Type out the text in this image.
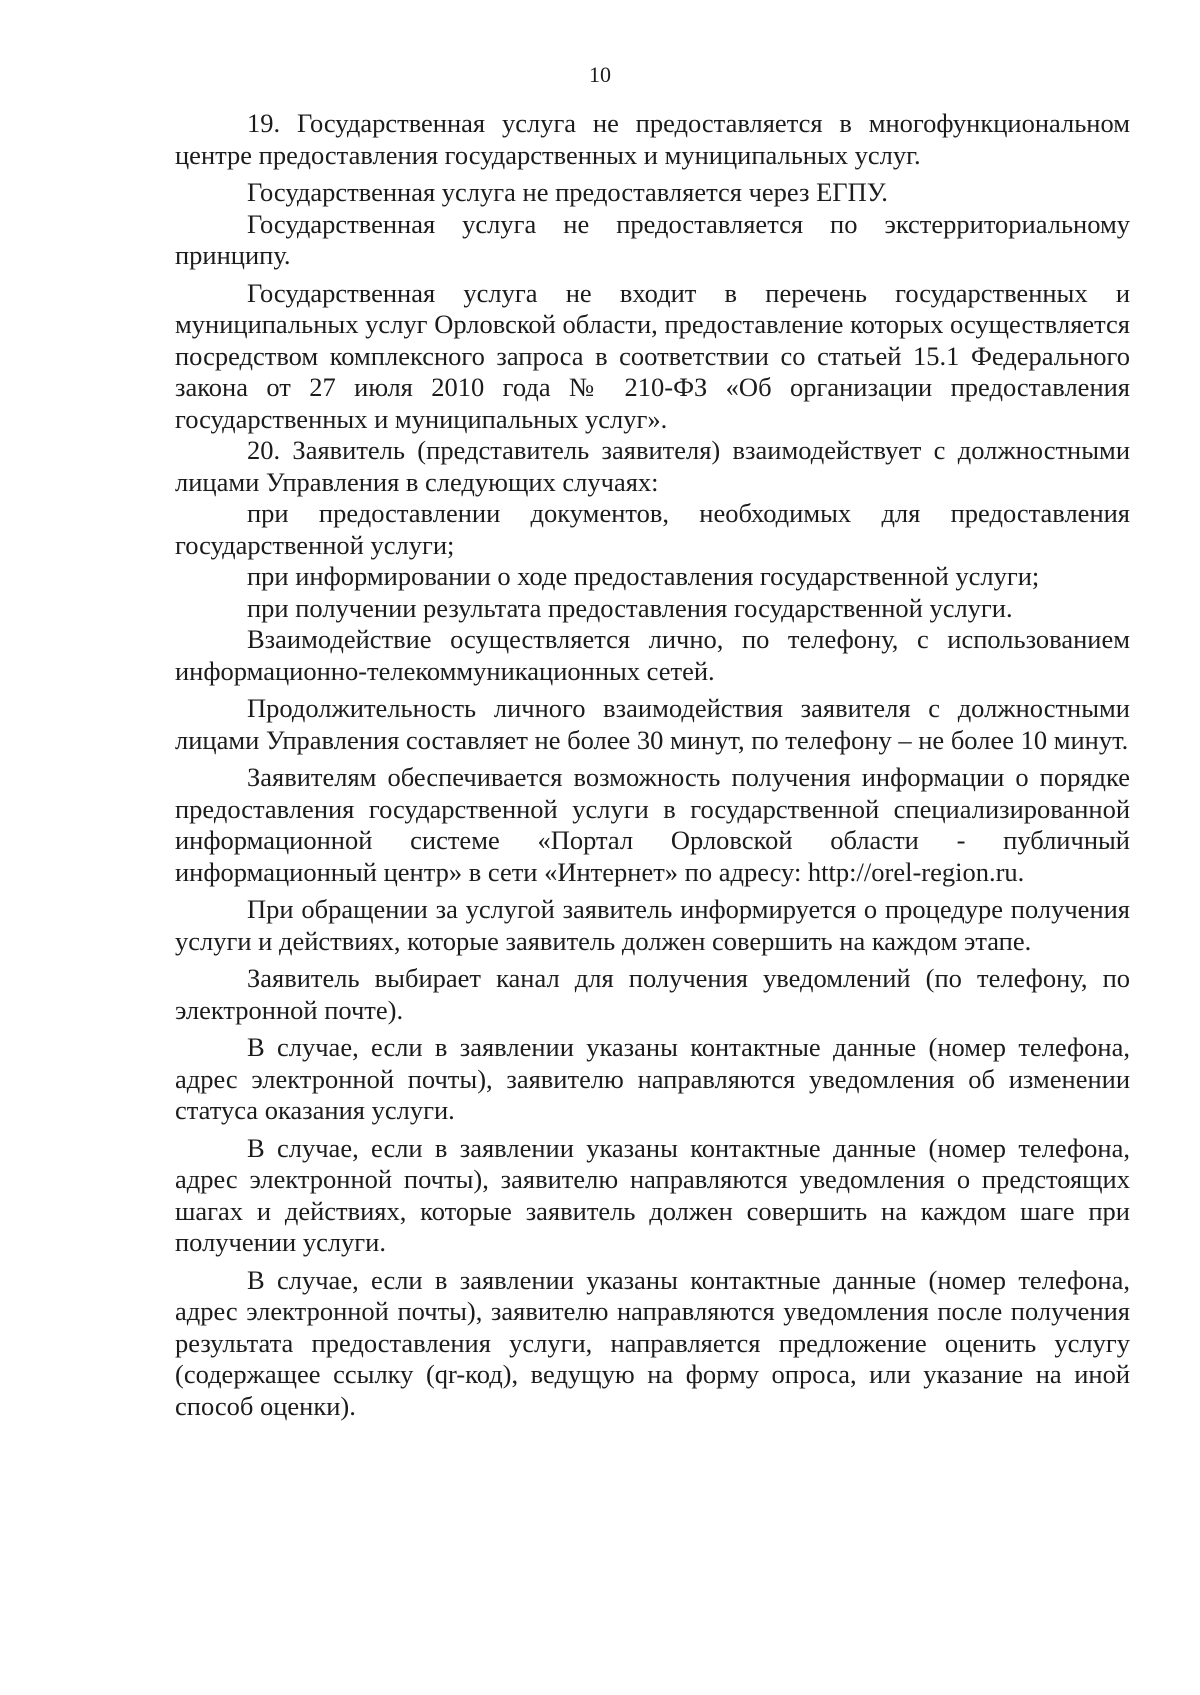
10

19. Государственная услуга не предоставляется в многофункциональном центре предоставления государственных и муниципальных услуг.

Государственная услуга не предоставляется через ЕГПУ.

Государственная услуга не предоставляется по экстерриториальному принципу.

Государственная услуга не входит в перечень государственных и муниципальных услуг Орловской области, предоставление которых осуществляется посредством комплексного запроса в соответствии со статьей 15.1 Федерального закона от 27 июля 2010 года № 210-ФЗ «Об организации предоставления государственных и муниципальных услуг».

20. Заявитель (представитель заявителя) взаимодействует с должностными лицами Управления в следующих случаях:

при предоставлении документов, необходимых для предоставления государственной услуги;

при информировании о ходе предоставления государственной услуги;

при получении результата предоставления государственной услуги.

Взаимодействие осуществляется лично, по телефону, с использованием информационно-телекоммуникационных сетей.

Продолжительность личного взаимодействия заявителя с должностными лицами Управления составляет не более 30 минут, по телефону – не более 10 минут.

Заявителям обеспечивается возможность получения информации о порядке предоставления государственной услуги в государственной специализированной информационной системе «Портал Орловской области - публичный информационный центр» в сети «Интернет» по адресу: http://orel-region.ru.

При обращении за услугой заявитель информируется о процедуре получения услуги и действиях, которые заявитель должен совершить на каждом этапе.

Заявитель выбирает канал для получения уведомлений (по телефону, по электронной почте).

В случае, если в заявлении указаны контактные данные (номер телефона, адрес электронной почты), заявителю направляются уведомления об изменении статуса оказания услуги.

В случае, если в заявлении указаны контактные данные (номер телефона, адрес электронной почты), заявителю направляются уведомления о предстоящих шагах и действиях, которые заявитель должен совершить на каждом шаге при получении услуги.

В случае, если в заявлении указаны контактные данные (номер телефона, адрес электронной почты), заявителю направляются уведомления после получения результата предоставления услуги, направляется предложение оценить услугу (содержащее ссылку (qr-код), ведущую на форму опроса, или указание на иной способ оценки).
